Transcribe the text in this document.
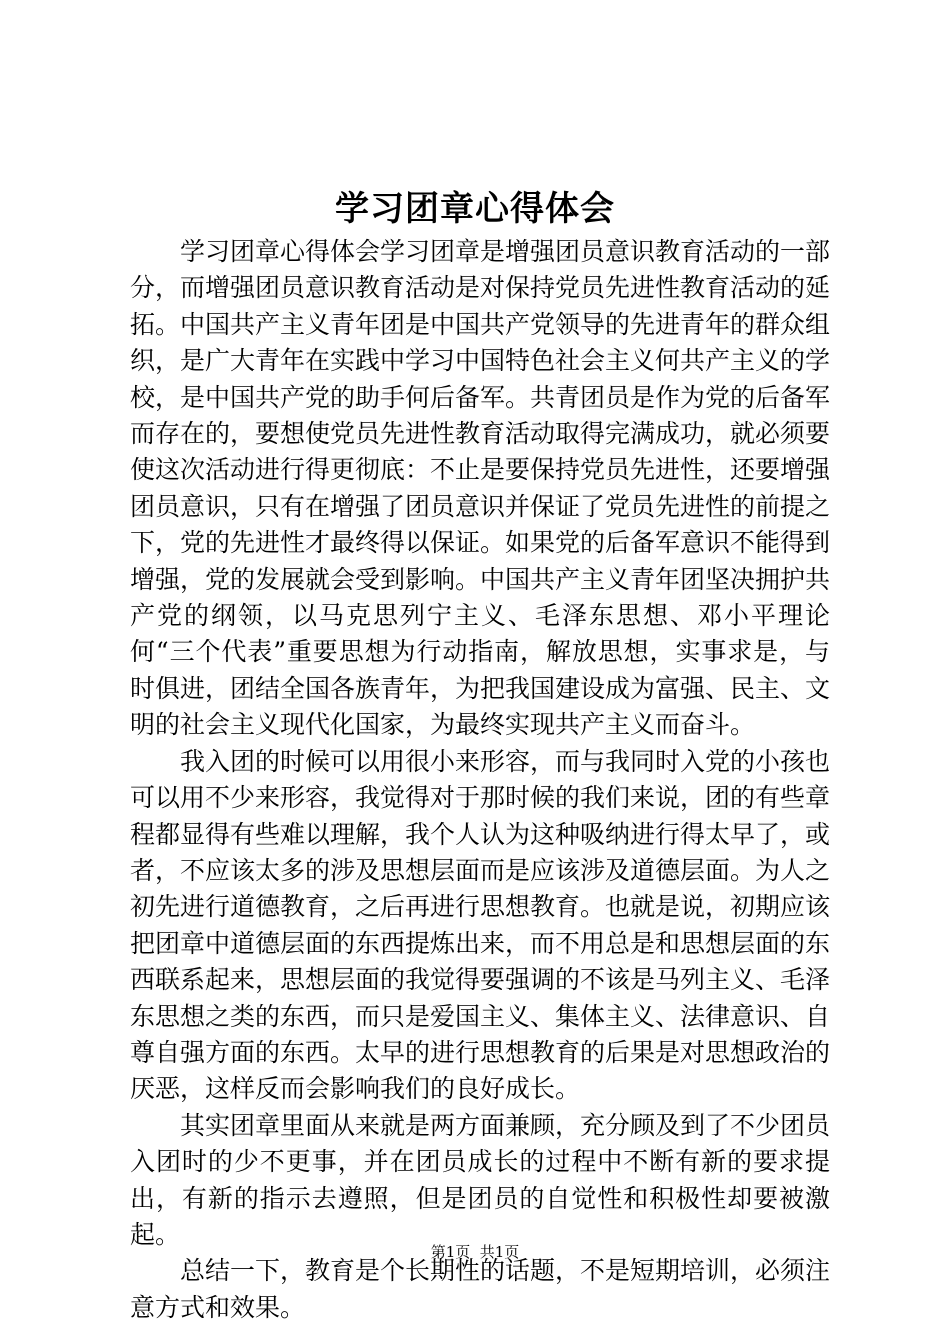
学习团章心得体会

学习团章心得体会学习团章是增强团员意识教育活动的一部分，而增强团员意识教育活动是对保持党员先进性教育活动的延拓。中国共产主义青年团是中国共产党领导的先进青年的群众组织，是广大青年在实践中学习中国特色社会主义何共产主义的学校，是中国共产党的助手何后备军。共青团员是作为党的后备军而存在的，要想使党员先进性教育活动取得完满成功，就必须要使这次活动进行得更彻底：不止是要保持党员先进性，还要增强团员意识，只有在增强了团员意识并保证了党员先进性的前提之下，党的先进性才最终得以保证。如果党的后备军意识不能得到增强，党的发展就会受到影响。中国共产主义青年团坚决拥护共产党的纲领，以马克思列宁主义、毛泽东思想、邓小平理论何“三个代表”重要思想为行动指南，解放思想，实事求是，与时俱进，团结全国各族青年，为把我国建设成为富强、民主、文明的社会主义现代化国家，为最终实现共产主义而奋斗。

我入团的时候可以用很小来形容，而与我同时入党的小孩也可以用不少来形容，我觉得对于那时候的我们来说，团的有些章程都显得有些难以理解，我个人认为这种吸纳进行得太早了，或者，不应该太多的涉及思想层面而是应该涉及道德层面。为人之初先进行道德教育，之后再进行思想教育。也就是说，初期应该把团章中道德层面的东西提炼出来，而不用总是和思想层面的东西联系起来，思想层面的我觉得要强调的不该是马列主义、毛泽东思想之类的东西，而只是爱国主义、集体主义、法律意识、自尊自强方面的东西。太早的进行思想教育的后果是对思想政治的厌恶，这样反而会影响我们的良好成长。

其实团章里面从来就是两方面兼顾，充分顾及到了不少团员入团时的少不更事，并在团员成长的过程中不断有新的要求提出，有新的指示去遵照，但是团员的自觉性和积极性却要被激起。

总结一下，教育是个长期性的话题，不是短期培训，必须注意方式和效果。

第1页  共1页
